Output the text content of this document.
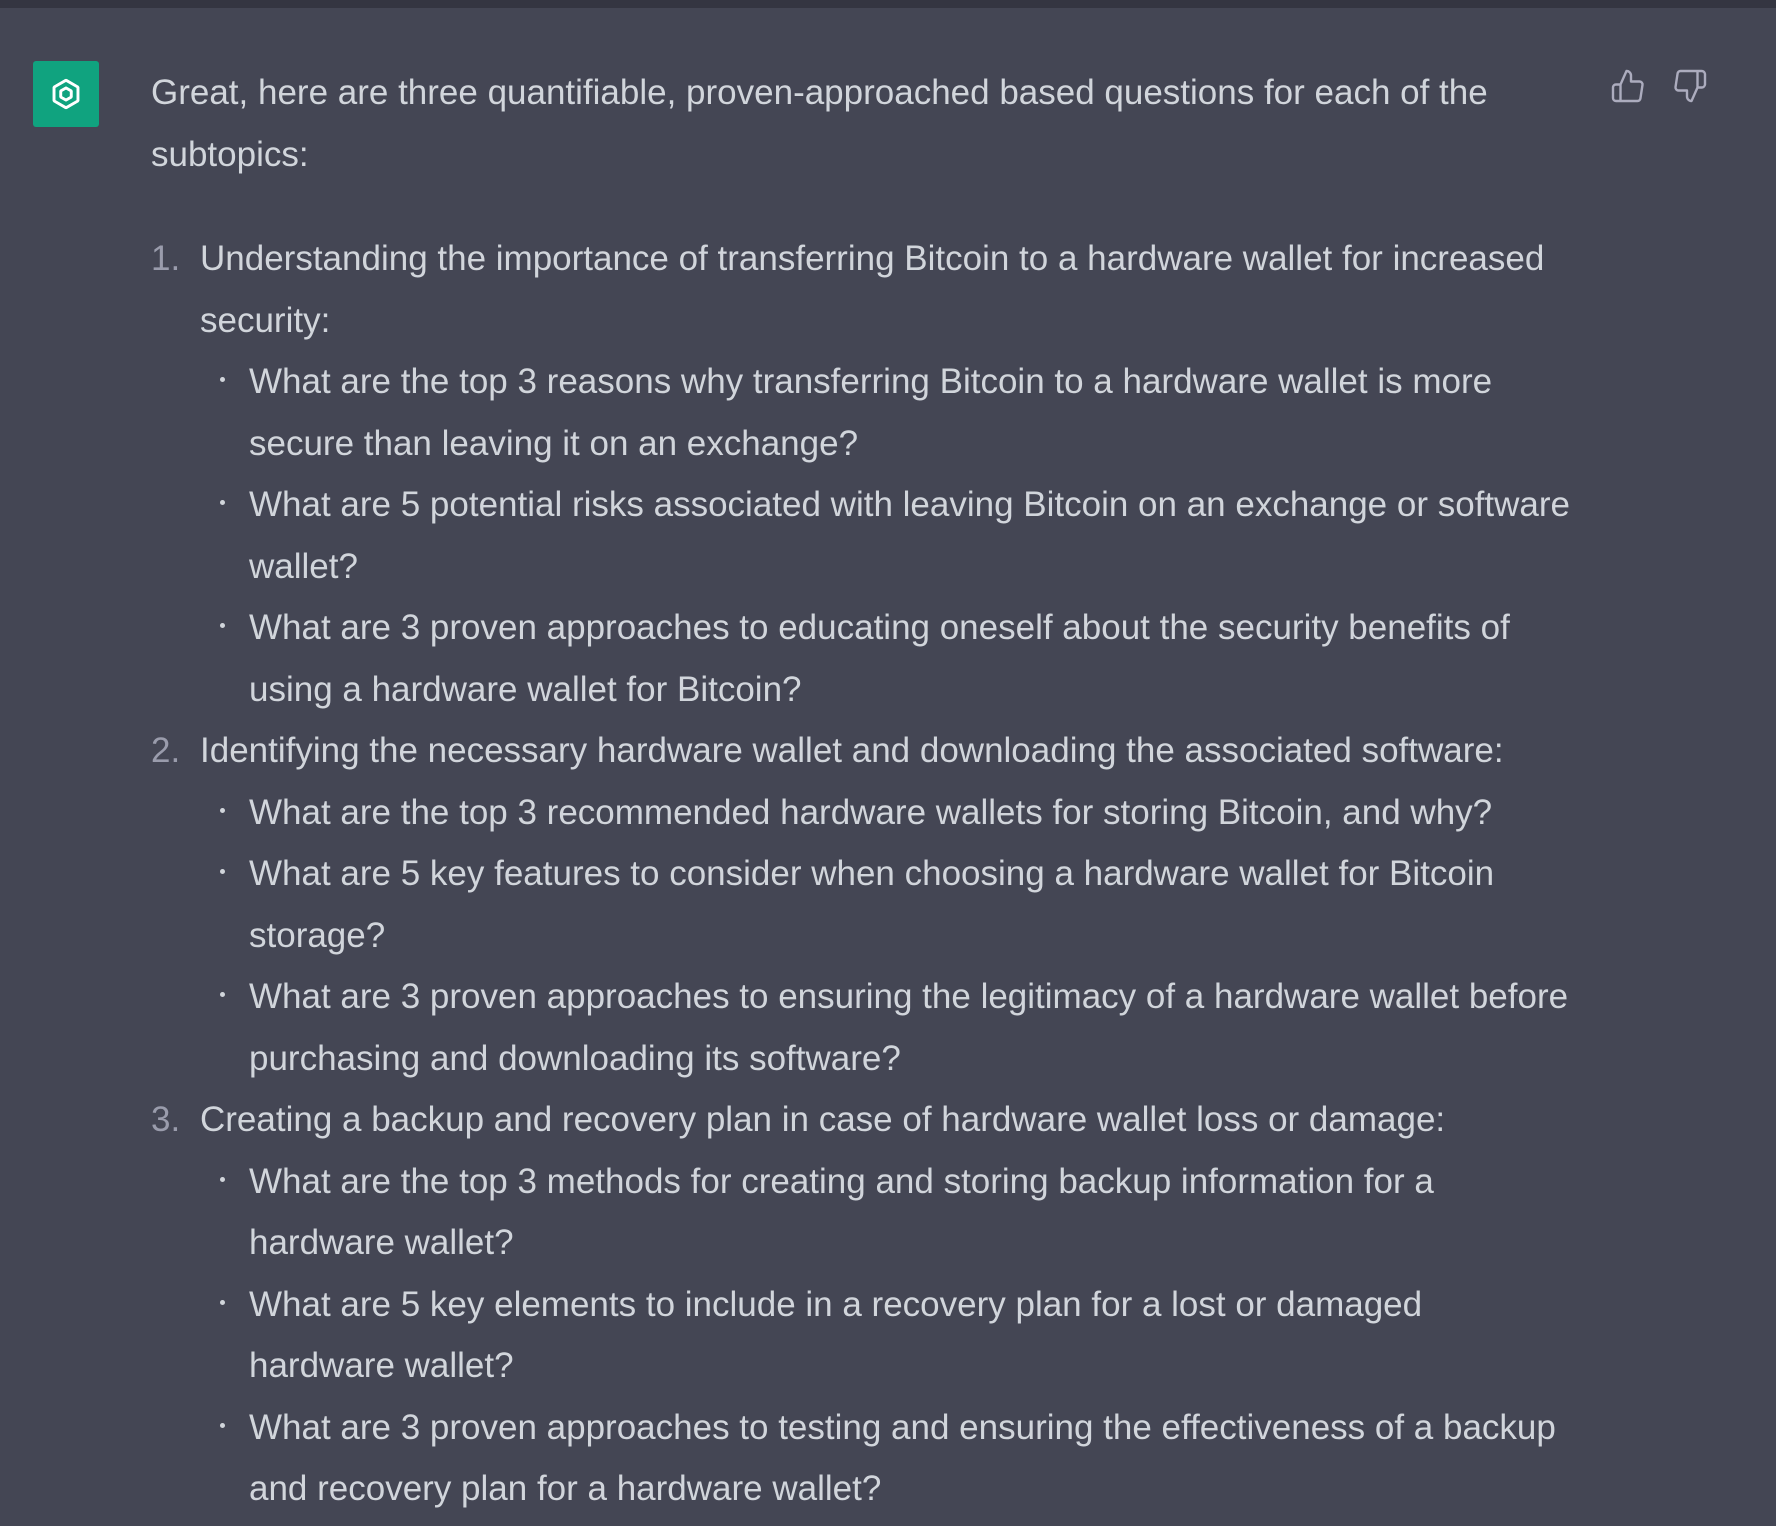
Great, here are three quantifiable, proven-approached based questions for each of the subtopics:

1. Understanding the importance of transferring Bitcoin to a hardware wallet for increased security:
What are the top 3 reasons why transferring Bitcoin to a hardware wallet is more secure than leaving it on an exchange?
What are 5 potential risks associated with leaving Bitcoin on an exchange or software wallet?
What are 3 proven approaches to educating oneself about the security benefits of using a hardware wallet for Bitcoin?
2. Identifying the necessary hardware wallet and downloading the associated software:
What are the top 3 recommended hardware wallets for storing Bitcoin, and why?
What are 5 key features to consider when choosing a hardware wallet for Bitcoin storage?
What are 3 proven approaches to ensuring the legitimacy of a hardware wallet before purchasing and downloading its software?
3. Creating a backup and recovery plan in case of hardware wallet loss or damage:
What are the top 3 methods for creating and storing backup information for a hardware wallet?
What are 5 key elements to include in a recovery plan for a lost or damaged hardware wallet?
What are 3 proven approaches to testing and ensuring the effectiveness of a backup and recovery plan for a hardware wallet?
